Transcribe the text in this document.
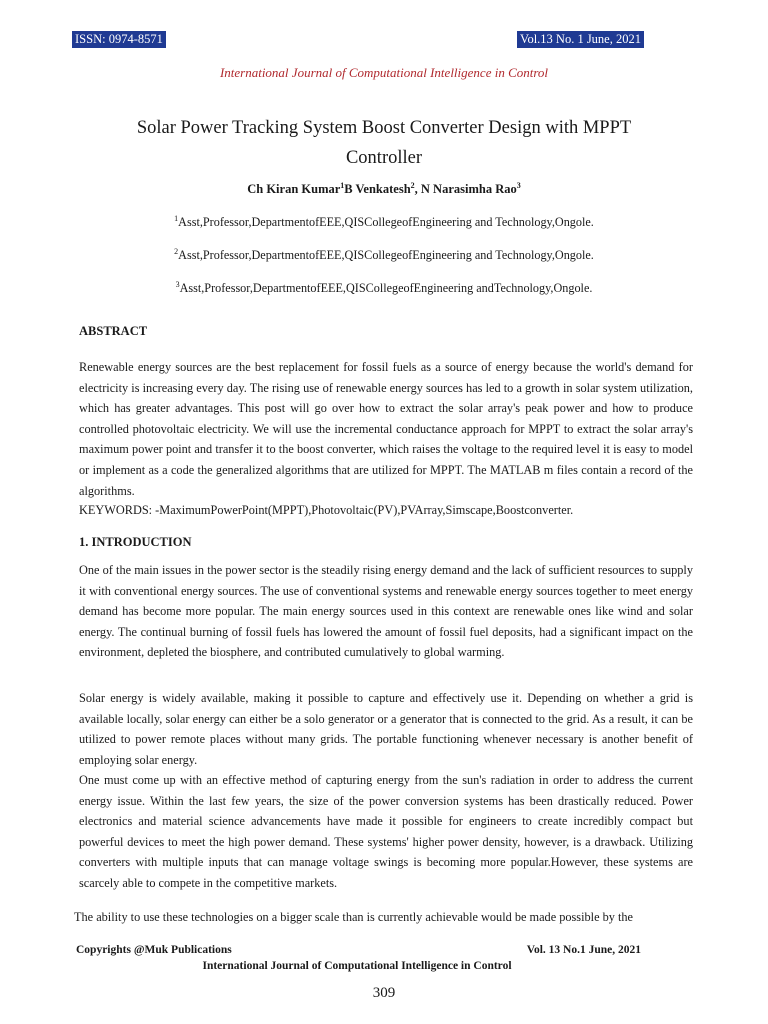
ISSN: 0974-8571	Vol.13 No. 1 June, 2021
International Journal of Computational Intelligence in Control
Solar Power Tracking System Boost Converter Design with MPPT Controller
Ch Kiran Kumar$^1$B Venkatesh$^2$, N Narasimha Rao$^3$
$^1$Asst,Professor,DepartmentofEEE,QISCollegeofEngineering and Technology,Ongole.
$^2$Asst,Professor,DepartmentofEEE,QISCollegeofEngineering and Technology,Ongole.
$^3$Asst,Professor,DepartmentofEEE,QISCollegeofEngineering andTechnology,Ongole.
ABSTRACT

Renewable energy sources are the best replacement for fossil fuels as a source of energy because the world's demand for electricity is increasing every day. The rising use of renewable energy sources has led to a growth in solar system utilization, which has greater advantages. This post will go over how to extract the solar array's peak power and how to produce controlled photovoltaic electricity. We will use the incremental conductance approach for MPPT to extract the solar array's maximum power point and transfer it to the boost converter, which raises the voltage to the required level it is easy to model or implement as a code the generalized algorithms that are utilized for MPPT. The MATLAB m files contain a record of the algorithms.

KEYWORDS: -MaximumPowerPoint(MPPT),Photovoltaic(PV),PVArray,Simscape,Boostconverter.

1. INTRODUCTION

One of the main issues in the power sector is the steadily rising energy demand and the lack of sufficient resources to supply it with conventional energy sources. The use of conventional systems and renewable energy sources together to meet energy demand has become more popular. The main energy sources used in this context are renewable ones like wind and solar energy. The continual burning of fossil fuels has lowered the amount of fossil fuel deposits, had a significant impact on the environment, depleted the biosphere, and contributed cumulatively to global warming.

Solar energy is widely available, making it possible to capture and effectively use it. Depending on whether a grid is available locally, solar energy can either be a solo generator or a generator that is connected to the grid. As a result, it can be utilized to power remote places without many grids. The portable functioning whenever necessary is another benefit of employing solar energy.

One must come up with an effective method of capturing energy from the sun's radiation in order to address the current energy issue. Within the last few years, the size of the power conversion systems has been drastically reduced. Power electronics and material science advancements have made it possible for engineers to create incredibly compact but powerful devices to meet the high power demand. These systems' higher power density, however, is a drawback. Utilizing converters with multiple inputs that can manage voltage swings is becoming more popular.However, these systems are scarcely able to compete in the competitive markets.

The ability to use these technologies on a bigger scale than is currently achievable would be made possible by the

Copyrights @Muk Publications	Vol. 13 No.1 June, 2021
International Journal of Computational Intelligence in Control
309
